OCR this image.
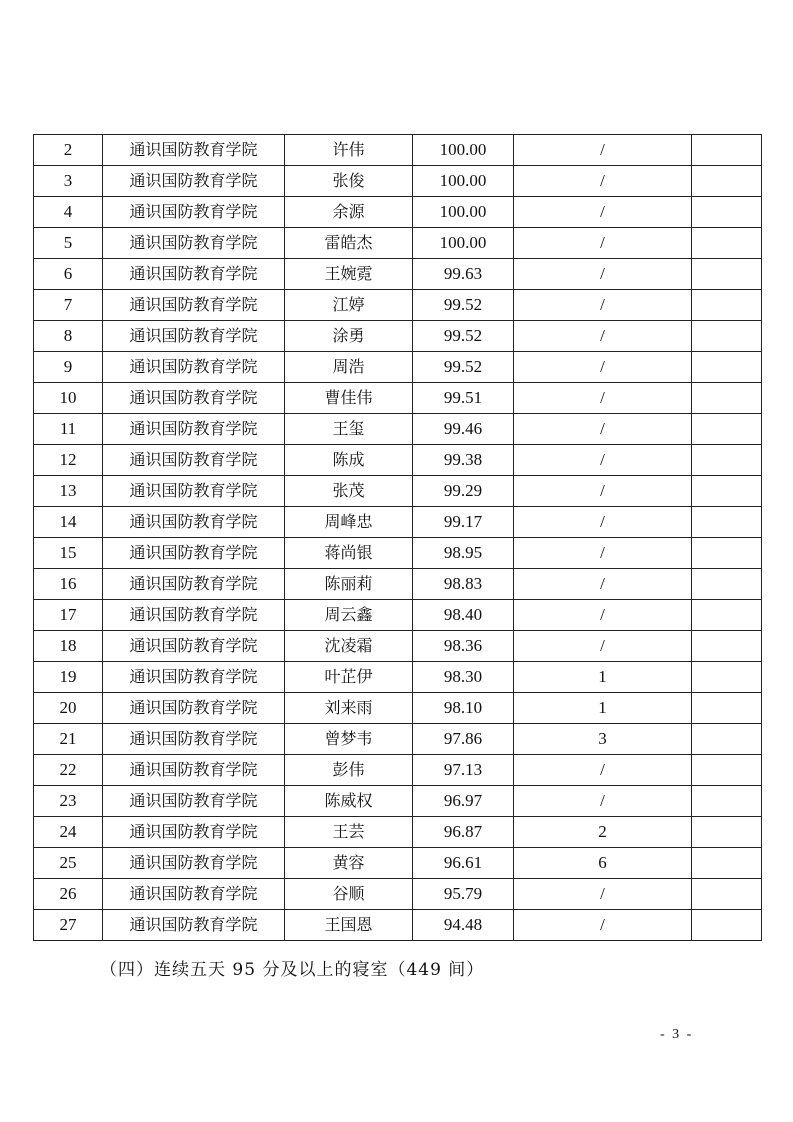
2	通识国防教育学院	许伟	100.00	/	
3	通识国防教育学院	张俊	100.00	/	
4	通识国防教育学院	余源	100.00	/	
5	通识国防教育学院	雷皓杰	100.00	/	
6	通识国防教育学院	王婉霓	99.63	/	
7	通识国防教育学院	江婷	99.52	/	
8	通识国防教育学院	涂勇	99.52	/	
9	通识国防教育学院	周浩	99.52	/	
10	通识国防教育学院	曹佳伟	99.51	/	
11	通识国防教育学院	王玺	99.46	/	
12	通识国防教育学院	陈成	99.38	/	
13	通识国防教育学院	张茂	99.29	/	
14	通识国防教育学院	周峰忠	99.17	/	
15	通识国防教育学院	蒋尚银	98.95	/	
16	通识国防教育学院	陈丽莉	98.83	/	
17	通识国防教育学院	周云鑫	98.40	/	
18	通识国防教育学院	沈凌霜	98.36	/	
19	通识国防教育学院	叶芷伊	98.30	1	
20	通识国防教育学院	刘来雨	98.10	1	
21	通识国防教育学院	曾梦韦	97.86	3	
22	通识国防教育学院	彭伟	97.13	/	
23	通识国防教育学院	陈威权	96.97	/	
24	通识国防教育学院	王芸	96.87	2	
25	通识国防教育学院	黄容	96.61	6	
26	通识国防教育学院	谷顺	95.79	/	
27	通识国防教育学院	王国恩	94.48	/	
（四）连续五天 95 分及以上的寝室（449 间）
- 3 -
